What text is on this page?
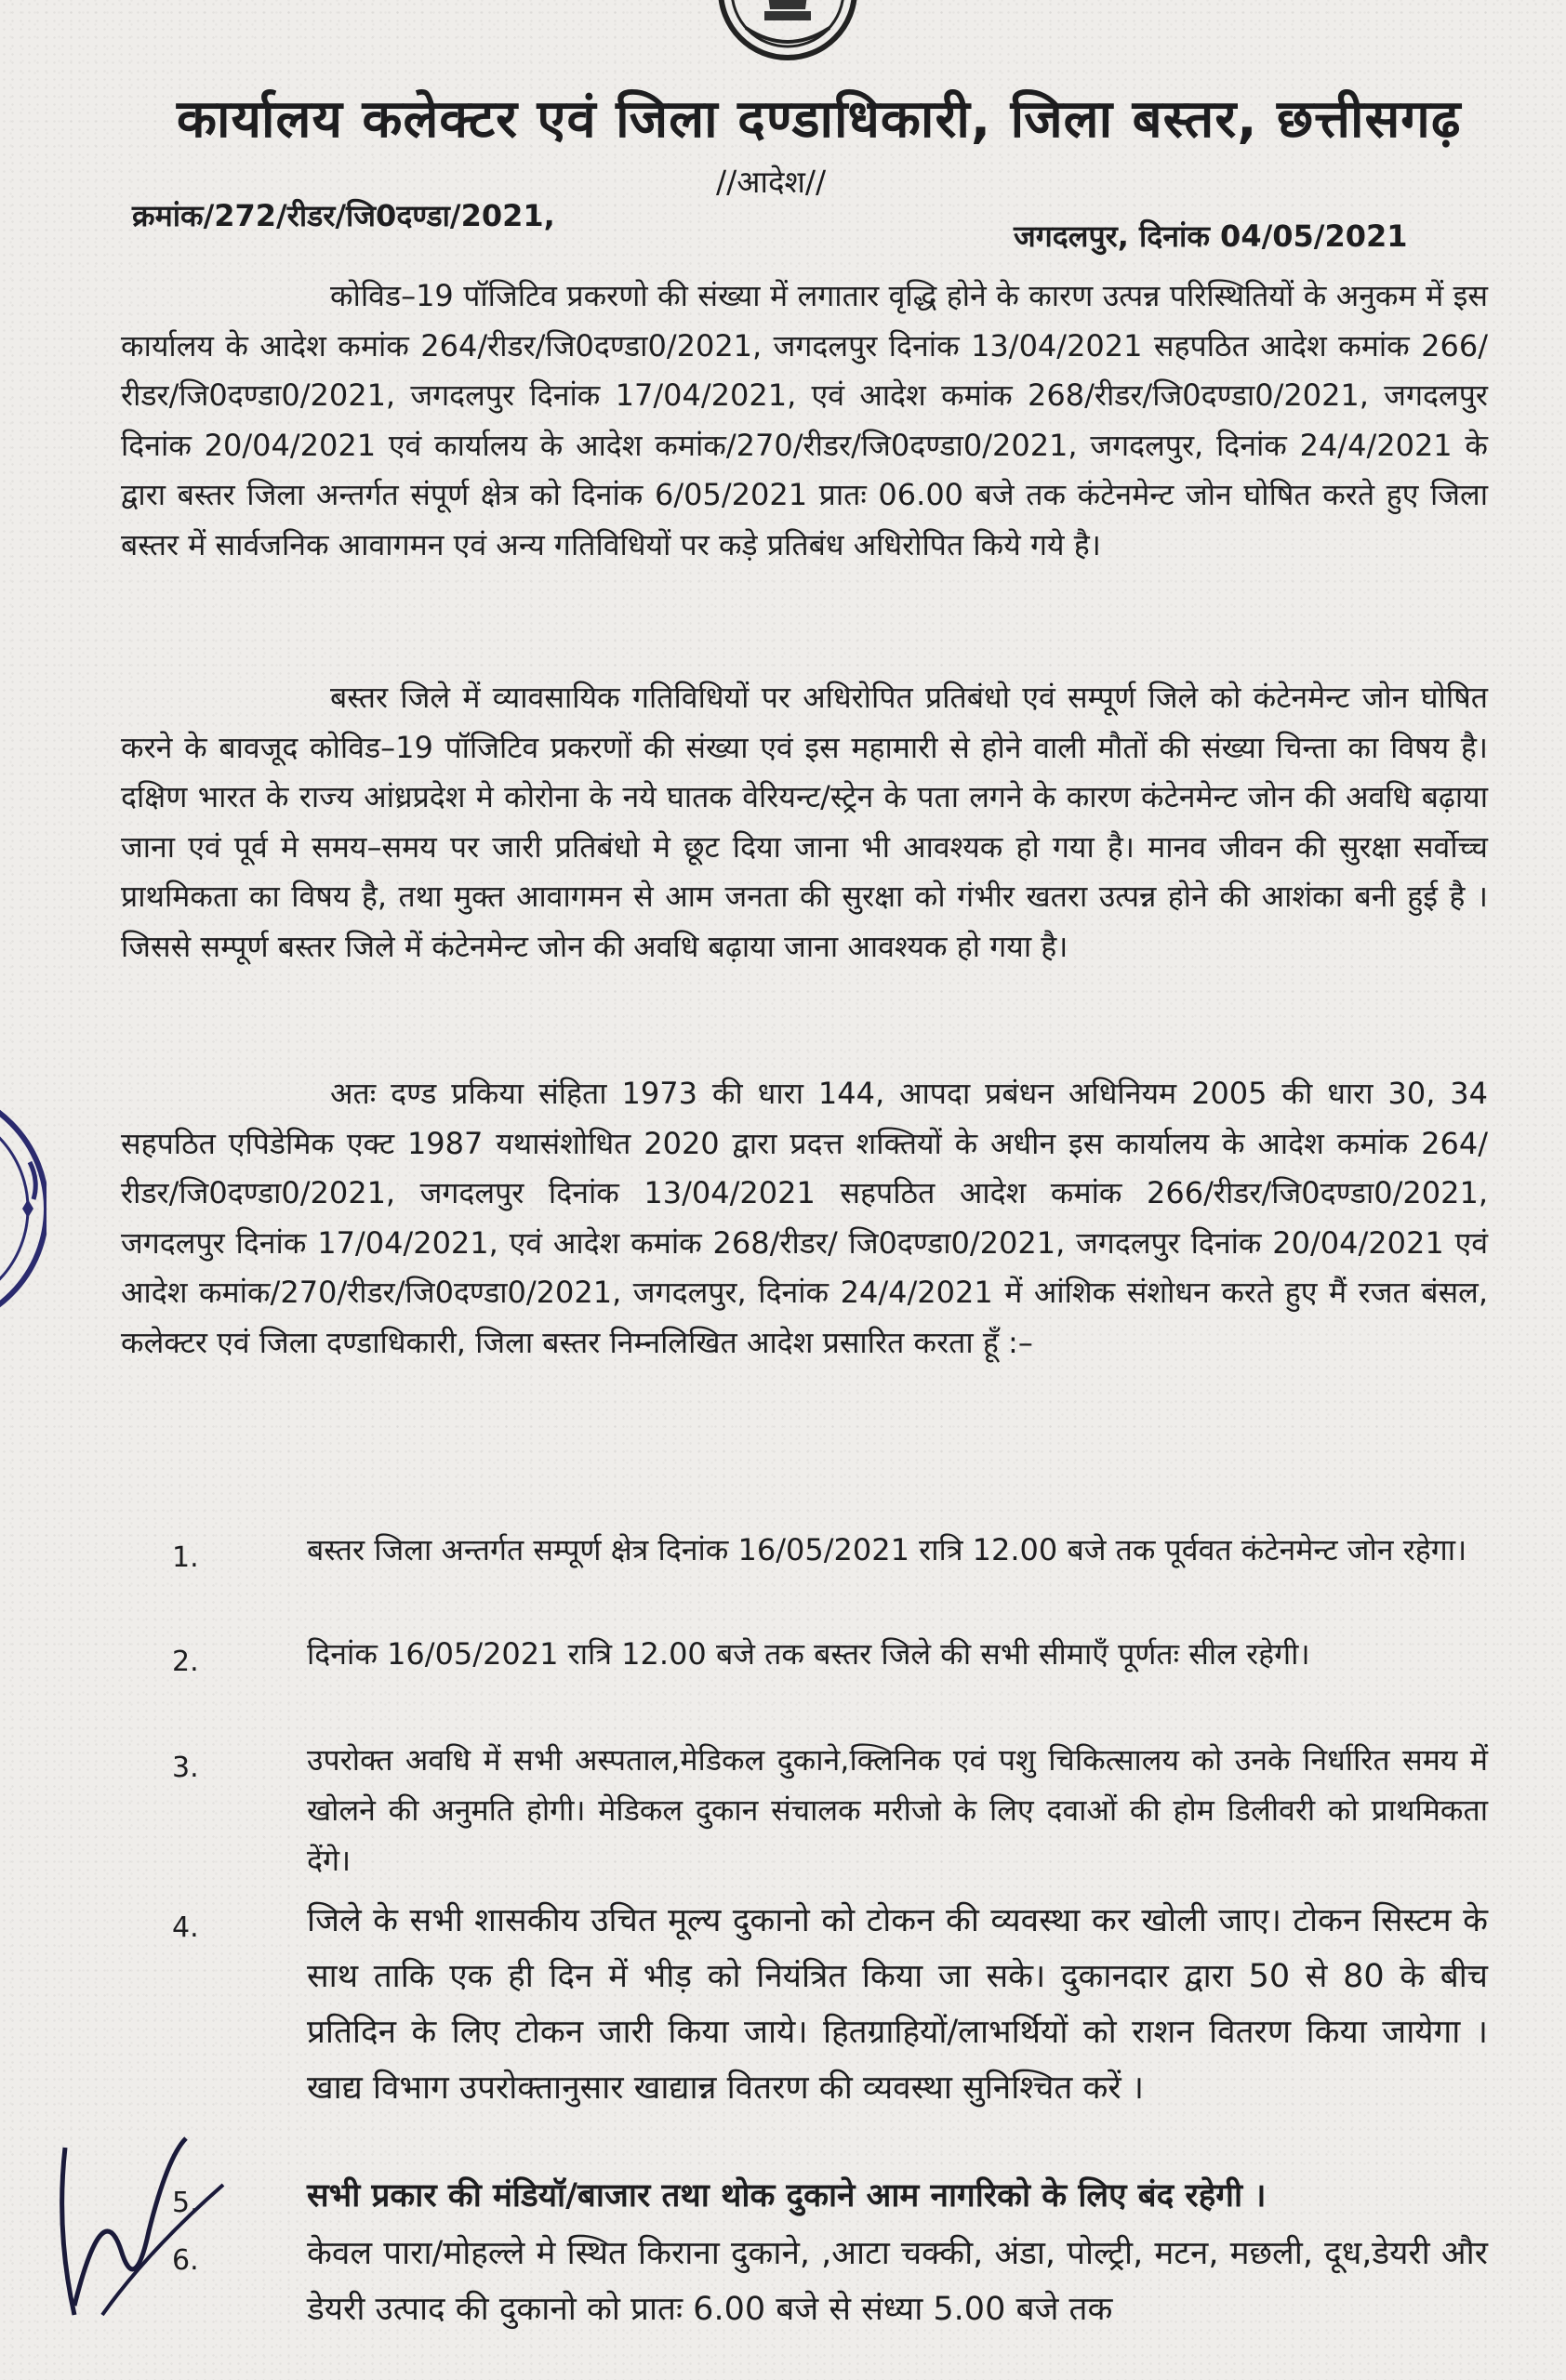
कार्यालय कलेक्टर एवं जिला दण्डाधिकारी, जिला बस्तर, छत्तीसगढ़
//आदेश//
क्रमांक/272/रीडर/जि0दण्डा/2021,
जगदलपुर, दिनांक 04/05/2021
कोविड–19 पॉजिटिव प्रकरणो की संख्या में लगातार वृद्धि होने के कारण उत्पन्न परिस्थितियों के अनुकम में इस कार्यालय के आदेश कमांक 264/रीडर/जि0दण्डा0/2021, जगदलपुर दिनांक 13/04/2021 सहपठित आदेश कमांक 266/रीडर/जि0दण्डा0/2021, जगदलपुर दिनांक 17/04/2021, एवं आदेश कमांक 268/रीडर/जि0दण्डा0/2021, जगदलपुर दिनांक 20/04/2021 एवं कार्यालय के आदेश कमांक/270/रीडर/जि0दण्डा0/2021, जगदलपुर, दिनांक 24/4/2021 के द्वारा बस्तर जिला अन्तर्गत संपूर्ण क्षेत्र को दिनांक 6/05/2021 प्रातः 06.00 बजे तक कंटेनमेन्ट जोन घोषित करते हुए जिला बस्तर में सार्वजनिक आवागमन एवं अन्य गतिविधियों पर कड़े प्रतिबंध अधिरोपित किये गये है।
बस्तर जिले में व्यावसायिक गतिविधियों पर अधिरोपित प्रतिबंधो एवं सम्पूर्ण जिले को कंटेनमेन्ट जोन घोषित करने के बावजूद कोविड–19 पॉजिटिव प्रकरणों की संख्या एवं इस महामारी से होने वाली मौतों की संख्या चिन्ता का विषय है। दक्षिण भारत के राज्य आंध्रप्रदेश मे कोरोना के नये घातक वेरियन्ट/स्ट्रेन के पता लगने के कारण कंटेनमेन्ट जोन की अवधि बढ़ाया जाना एवं पूर्व मे समय–समय पर जारी प्रतिबंधो मे छूट दिया जाना भी आवश्यक हो गया है। मानव जीवन की सुरक्षा सर्वोच्च प्राथमिकता का विषय है, तथा मुक्त आवागमन से आम जनता की सुरक्षा को गंभीर खतरा उत्पन्न होने की आशंका बनी हुई है । जिससे सम्पूर्ण बस्तर जिले में कंटेनमेन्ट जोन की अवधि बढ़ाया जाना आवश्यक हो गया है।
अतः दण्ड प्रकिया संहिता 1973 की धारा 144, आपदा प्रबंधन अधिनियम 2005 की धारा 30, 34 सहपठित एपिडेमिक एक्ट 1987 यथासंशोधित 2020 द्वारा प्रदत्त शक्तियों के अधीन इस कार्यालय के आदेश कमांक 264/रीडर/जि0दण्डा0/2021, जगदलपुर दिनांक 13/04/2021 सहपठित आदेश कमांक 266/रीडर/जि0दण्डा0/2021, जगदलपुर दिनांक 17/04/2021, एवं आदेश कमांक 268/रीडर/ जि0दण्डा0/2021, जगदलपुर दिनांक 20/04/2021 एवं आदेश कमांक/270/रीडर/जि0दण्डा0/2021, जगदलपुर, दिनांक 24/4/2021 में आंशिक संशोधन करते हुए मैं रजत बंसल, कलेक्टर एवं जिला दण्डाधिकारी, जिला बस्तर निम्नलिखित आदेश प्रसारित करता हूँ :–
1.	बस्तर जिला अन्तर्गत सम्पूर्ण क्षेत्र दिनांक 16/05/2021 रात्रि 12.00 बजे तक पूर्ववत कंटेनमेन्ट जोन रहेगा।
2.	दिनांक 16/05/2021 रात्रि 12.00 बजे तक बस्तर जिले की सभी सीमाएँ पूर्णतः सील रहेगी।
3.	उपरोक्त अवधि में सभी अस्पताल,मेडिकल दुकाने,क्लिनिक एवं पशु चिकित्सालय को उनके निर्धारित समय में खोलने की अनुमति होगी। मेडिकल दुकान संचालक मरीजो के लिए दवाओं की होम डिलीवरी को प्राथमिकता देंगे।
4.	जिले के सभी शासकीय उचित मूल्य दुकानो को टोकन की व्यवस्था कर खोली जाए। टोकन सिस्टम के साथ ताकि एक ही दिन में भीड़ को नियंत्रित किया जा सके। दुकानदार द्वारा 50 से 80 के बीच प्रतिदिन के लिए टोकन जारी किया जाये। हितग्राहियों/लाभर्थियों को राशन वितरण किया जायेगा । खाद्य विभाग उपरोक्तानुसार खाद्यान्न वितरण की व्यवस्था सुनिश्चित करें ।
5.	सभी प्रकार की मंडियॉ/बाजार तथा थोक दुकाने आम नागरिको के लिए बंद रहेगी ।
6.	केवल पारा/मोहल्ले मे स्थित किराना दुकाने, ,आटा चक्की, अंडा, पोल्ट्री, मटन, मछली, दूध,डेयरी और डेयरी उत्पाद की दुकानो को प्रातः 6.00 बजे से संध्या 5.00 बजे तक
